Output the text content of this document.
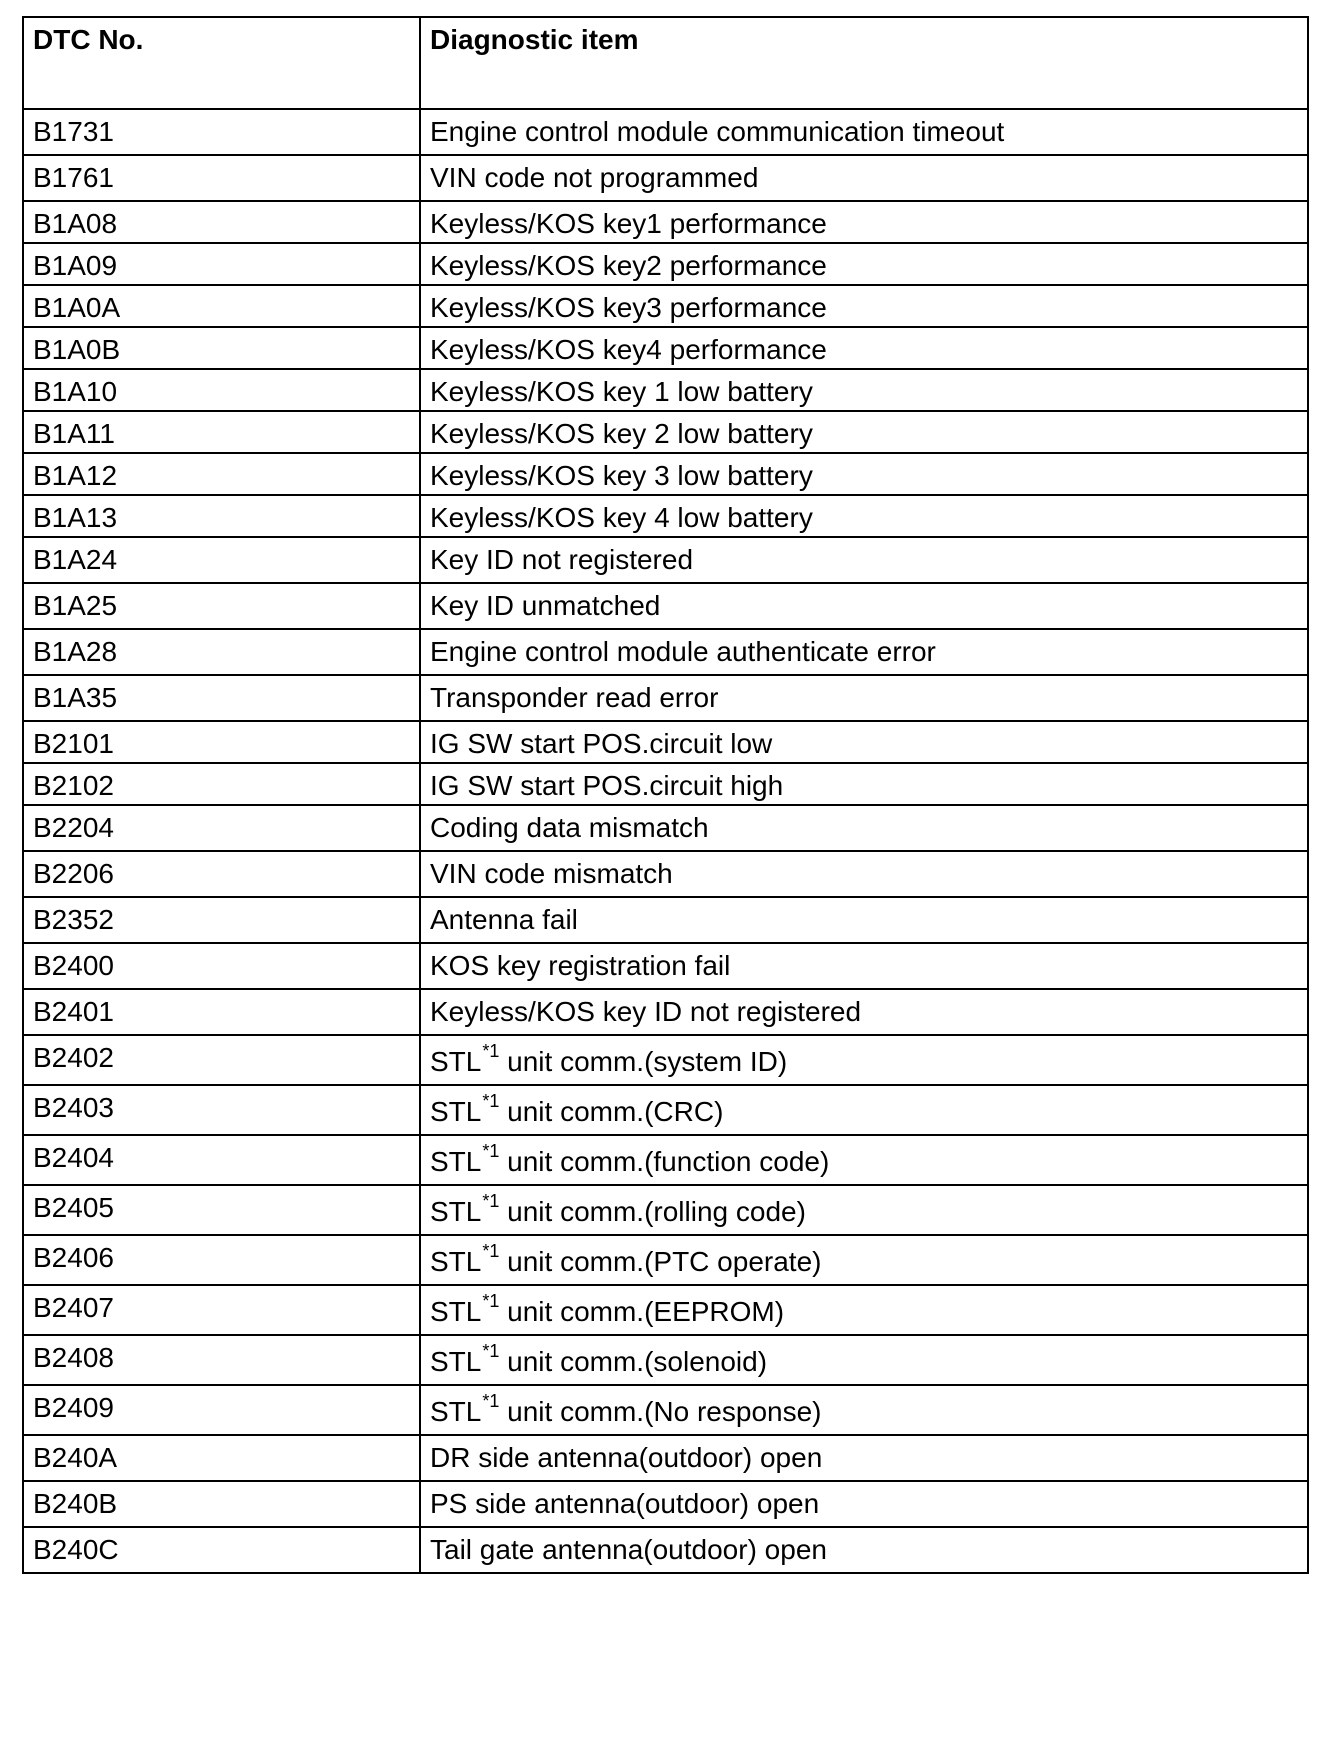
DTC No.	Diagnostic item
B1731	Engine control module communication timeout
B1761	VIN code not programmed
B1A08	Keyless/KOS key1 performance
B1A09	Keyless/KOS key2 performance
B1A0A	Keyless/KOS key3 performance
B1A0B	Keyless/KOS key4 performance
B1A10	Keyless/KOS key 1 low battery
B1A11	Keyless/KOS key 2 low battery
B1A12	Keyless/KOS key 3 low battery
B1A13	Keyless/KOS key 4 low battery
B1A24	Key ID not registered
B1A25	Key ID unmatched
B1A28	Engine control module authenticate error
B1A35	Transponder read error
B2101	IG SW start POS.circuit low
B2102	IG SW start POS.circuit high
B2204	Coding data mismatch
B2206	VIN code mismatch
B2352	Antenna fail
B2400	KOS key registration fail
B2401	Keyless/KOS key ID not registered
B2402	STL$^{*1}$ unit comm.(system ID)
B2403	STL$^{*1}$ unit comm.(CRC)
B2404	STL$^{*1}$ unit comm.(function code)
B2405	STL$^{*1}$ unit comm.(rolling code)
B2406	STL$^{*1}$ unit comm.(PTC operate)
B2407	STL$^{*1}$ unit comm.(EEPROM)
B2408	STL$^{*1}$ unit comm.(solenoid)
B2409	STL$^{*1}$ unit comm.(No response)
B240A	DR side antenna(outdoor) open
B240B	PS side antenna(outdoor) open
B240C	Tail gate antenna(outdoor) open
